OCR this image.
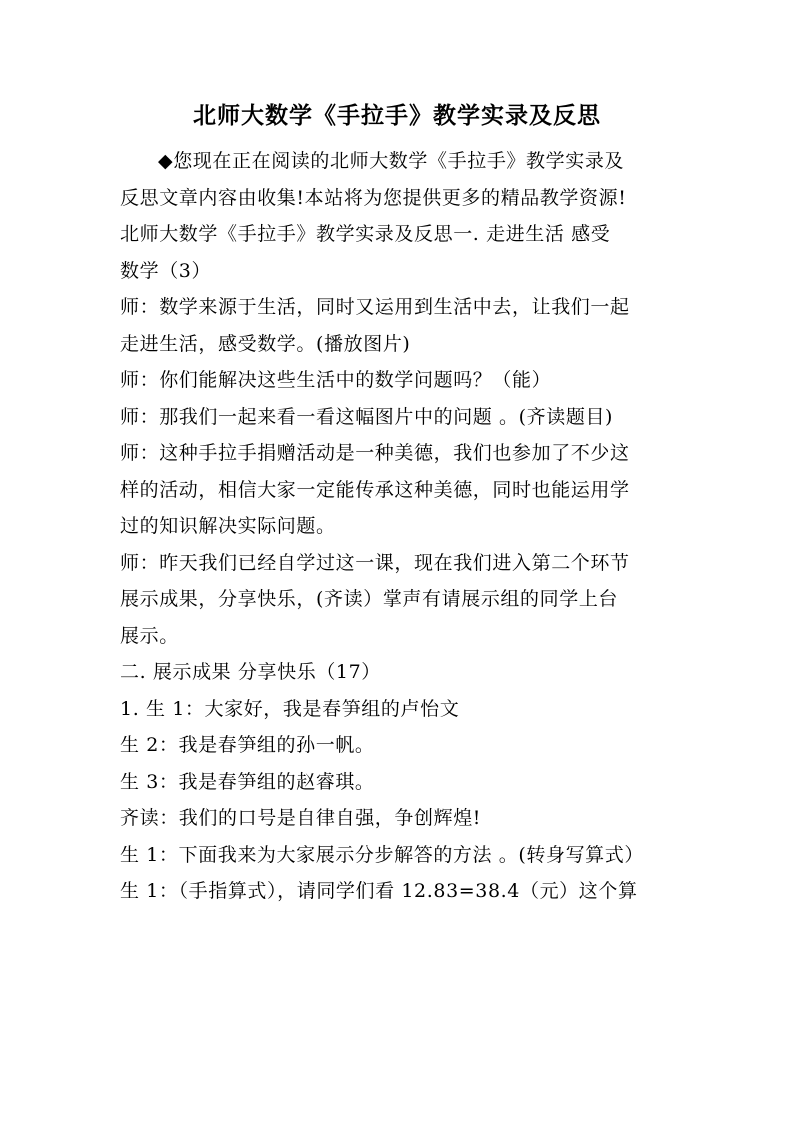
北师大数学《手拉手》教学实录及反思
◆您现在正在阅读的北师大数学《手拉手》教学实录及
反思文章内容由收集!本站将为您提供更多的精品教学资源!
北师大数学《手拉手》教学实录及反思一. 走进生活 感受
数学（3）
师：数学来源于生活，同时又运用到生活中去，让我们一起
走进生活，感受数学。(播放图片)
师：你们能解决这些生活中的数学问题吗？（能）
师：那我们一起来看一看这幅图片中的问题 。(齐读题目)
师：这种手拉手捐赠活动是一种美德，我们也参加了不少这
样的活动，相信大家一定能传承这种美德，同时也能运用学
过的知识解决实际问题。
师：昨天我们已经自学过这一课，现在我们进入第二个环节
展示成果，分享快乐，(齐读）掌声有请展示组的同学上台
展示。
二. 展示成果 分享快乐（17）
1. 生 1：大家好，我是春笋组的卢怡文
生 2：我是春笋组的孙一帆。
生 3：我是春笋组的赵睿琪。
齐读：我们的口号是自律自强，争创辉煌!
生 1：下面我来为大家展示分步解答的方法 。(转身写算式）
生 1：（手指算式），请同学们看 12.83=38.4（元）这个算
